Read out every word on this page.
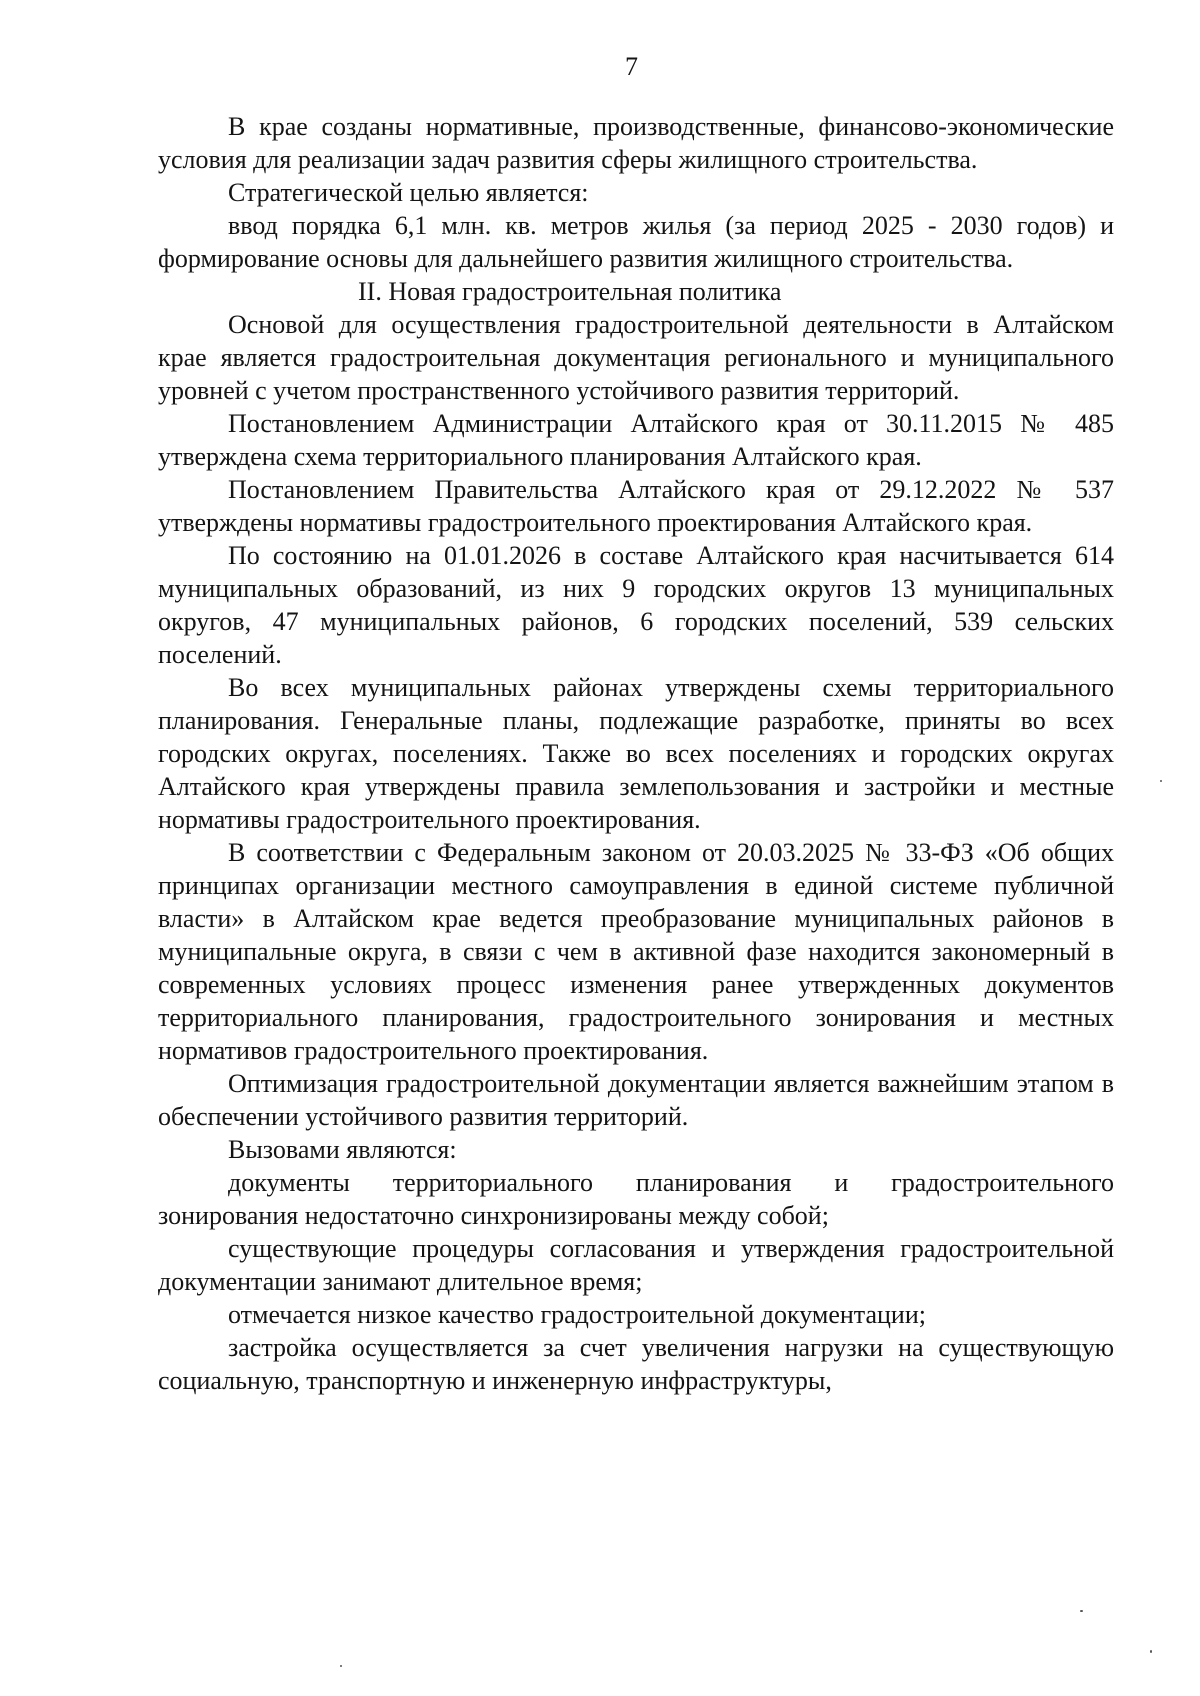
7

В крае созданы нормативные, производственные, финансово-экономические условия для реализации задач развития сферы жилищного строительства.

Стратегической целью является:

ввод порядка 6,1 млн. кв. метров жилья (за период 2025 - 2030 годов) и формирование основы для дальнейшего развития жилищного строительства.

II. Новая градостроительная политика

Основой для осуществления градостроительной деятельности в Алтайском крае является градостроительная документация регионального и муниципального уровней с учетом пространственного устойчивого развития территорий.

Постановлением Администрации Алтайского края от 30.11.2015 № 485 утверждена схема территориального планирования Алтайского края.

Постановлением Правительства Алтайского края от 29.12.2022 № 537 утверждены нормативы градостроительного проектирования Алтайского края.

По состоянию на 01.01.2026 в составе Алтайского края насчитывается 614 муниципальных образований, из них 9 городских округов 13 муниципальных округов, 47 муниципальных районов, 6 городских поселений, 539 сельских поселений.

Во всех муниципальных районах утверждены схемы территориального планирования. Генеральные планы, подлежащие разработке, приняты во всех городских округах, поселениях. Также во всех поселениях и городских округах Алтайского края утверждены правила землепользования и застройки и местные нормативы градостроительного проектирования.

В соответствии с Федеральным законом от 20.03.2025 № 33-ФЗ «Об общих принципах организации местного самоуправления в единой системе публичной власти» в Алтайском крае ведется преобразование муниципальных районов в муниципальные округа, в связи с чем в активной фазе находится закономерный в современных условиях процесс изменения ранее утвержденных документов территориального планирования, градостроительного зонирования и местных нормативов градостроительного проектирования.

Оптимизация градостроительной документации является важнейшим этапом в обеспечении устойчивого развития территорий.

Вызовами являются:

документы территориального планирования и градостроительного зонирования недостаточно синхронизированы между собой;

существующие процедуры согласования и утверждения градостроительной документации занимают длительное время;

отмечается низкое качество градостроительной документации;

застройка осуществляется за счет увеличения нагрузки на существующую социальную, транспортную и инженерную инфраструктуры,
